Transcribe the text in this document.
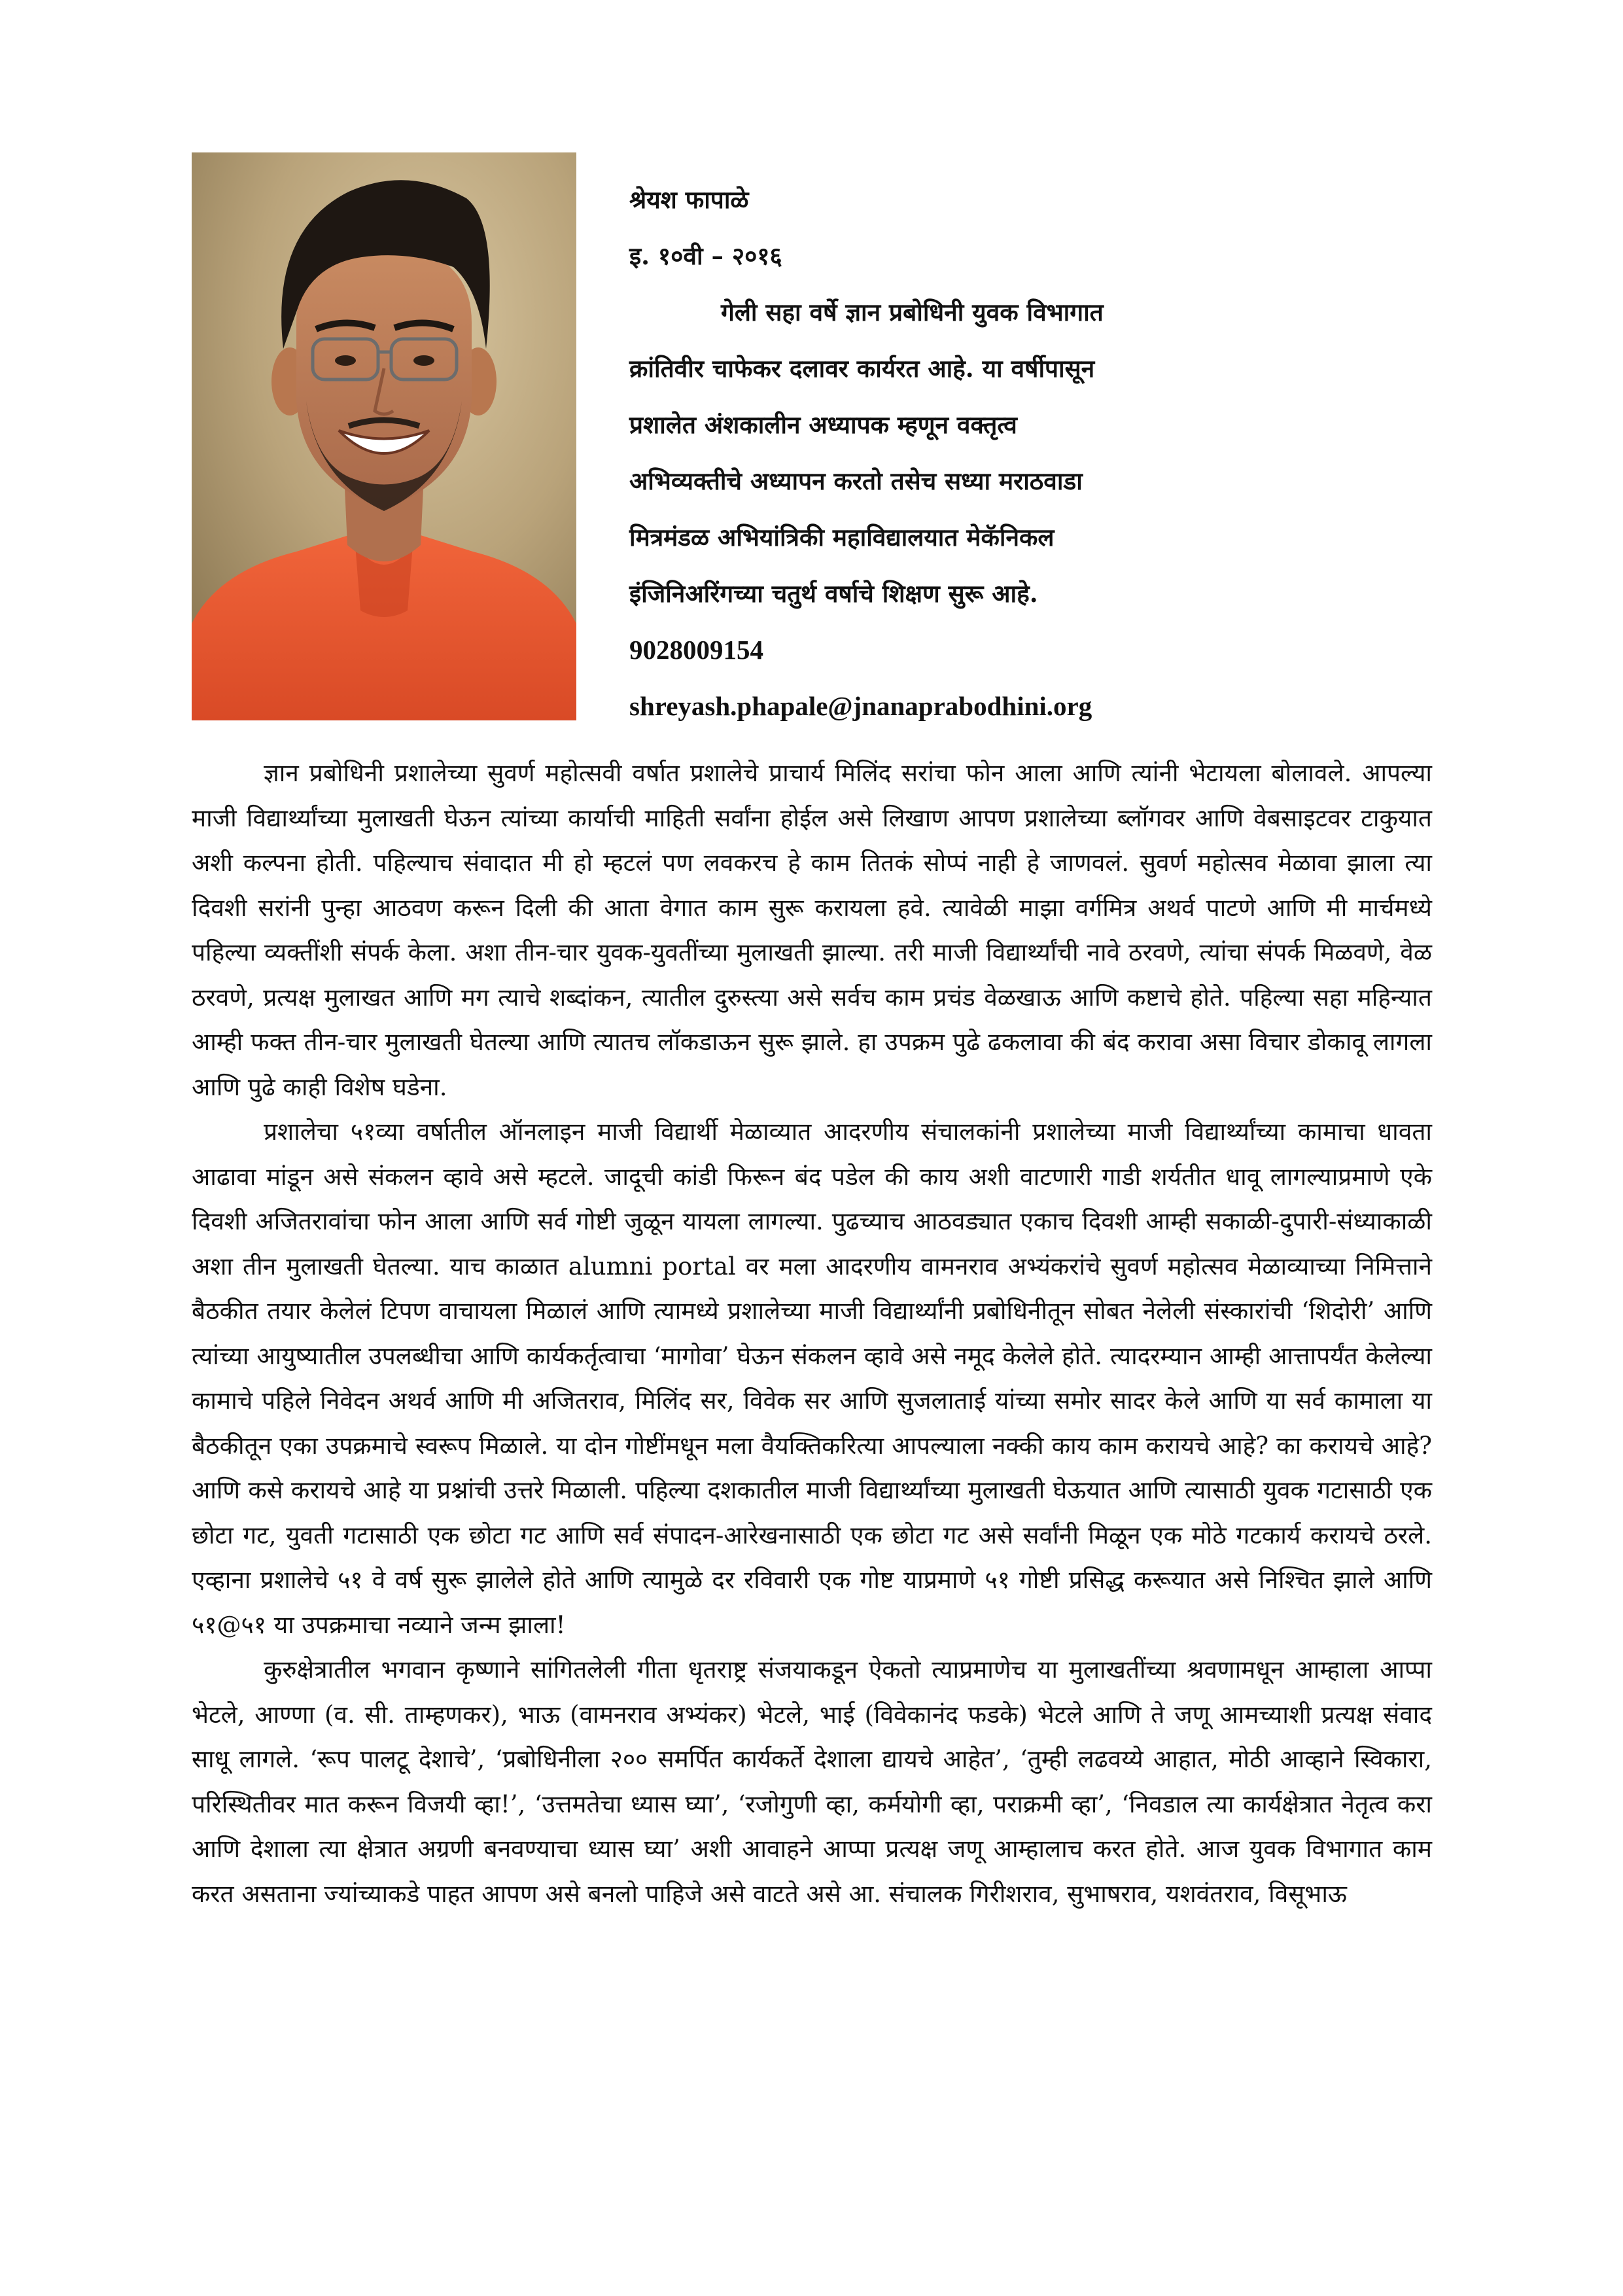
श्रेयश फापाळे
इ. १०वी – २०१६
गेली सहा वर्षे ज्ञान प्रबोधिनी युवक विभागात
क्रांतिवीर चाफेकर दलावर कार्यरत आहे. या वर्षीपासून
प्रशालेत अंशकालीन अध्यापक म्हणून वक्तृत्व
अभिव्यक्तीचे अध्यापन करतो तसेच सध्या मराठवाडा
मित्रमंडळ अभियांत्रिकी महाविद्यालयात मेकॅनिकल
इंजिनिअरिंगच्या चतुर्थ वर्षाचे शिक्षण सुरू आहे.
9028009154
shreyash.phapale@jnanaprabodhini.org

ज्ञान प्रबोधिनी प्रशालेच्या सुवर्ण महोत्सवी वर्षात प्रशालेचे प्राचार्य मिलिंद सरांचा फोन आला आणि त्यांनी भेटायला बोलावले. आपल्या माजी विद्यार्थ्यांच्या मुलाखती घेऊन त्यांच्या कार्याची माहिती सर्वांना होईल असे लिखाण आपण प्रशालेच्या ब्लॉगवर आणि वेबसाइटवर टाकुयात अशी कल्पना होती. पहिल्याच संवादात मी हो म्हटलं पण लवकरच हे काम तितकं सोप्पं नाही हे जाणवलं. सुवर्ण महोत्सव मेळावा झाला त्या दिवशी सरांनी पुन्हा आठवण करून दिली की आता वेगात काम सुरू करायला हवे. त्यावेळी माझा वर्गमित्र अथर्व पाटणे आणि मी मार्चमध्ये पहिल्या व्यक्तींशी संपर्क केला. अशा तीन-चार युवक-युवतींच्या मुलाखती झाल्या. तरी माजी विद्यार्थ्यांची नावे ठरवणे, त्यांचा संपर्क मिळवणे, वेळ ठरवणे, प्रत्यक्ष मुलाखत आणि मग त्याचे शब्दांकन, त्यातील दुरुस्त्या असे सर्वच काम प्रचंड वेळखाऊ आणि कष्टाचे होते. पहिल्या सहा महिन्यात आम्ही फक्त तीन-चार मुलाखती घेतल्या आणि त्यातच लॉकडाऊन सुरू झाले. हा उपक्रम पुढे ढकलावा की बंद करावा असा विचार डोकावू लागला आणि पुढे काही विशेष घडेना.

प्रशालेचा ५१व्या वर्षातील ऑनलाइन माजी विद्यार्थी मेळाव्यात आदरणीय संचालकांनी प्रशालेच्या माजी विद्यार्थ्यांच्या कामाचा धावता आढावा मांडून असे संकलन व्हावे असे म्हटले. जादूची कांडी फिरून बंद पडेल की काय अशी वाटणारी गाडी शर्यतीत धावू लागल्याप्रमाणे एके दिवशी अजितरावांचा फोन आला आणि सर्व गोष्टी जुळून यायला लागल्या. पुढच्याच आठवड्यात एकाच दिवशी आम्ही सकाळी-दुपारी-संध्याकाळी अशा तीन मुलाखती घेतल्या. याच काळात alumni portal वर मला आदरणीय वामनराव अभ्यंकरांचे सुवर्ण महोत्सव मेळाव्याच्या निमित्ताने बैठकीत तयार केलेलं टिपण वाचायला मिळालं आणि त्यामध्ये प्रशालेच्या माजी विद्यार्थ्यांनी प्रबोधिनीतून सोबत नेलेली संस्कारांची ‘शिदोरी’ आणि त्यांच्या आयुष्यातील उपलब्धीचा आणि कार्यकर्तृत्वाचा ‘मागोवा’ घेऊन संकलन व्हावे असे नमूद केलेले होते. त्यादरम्यान आम्ही आत्तापर्यंत केलेल्या कामाचे पहिले निवेदन अथर्व आणि मी अजितराव, मिलिंद सर, विवेक सर आणि सुजलाताई यांच्या समोर सादर केले आणि या सर्व कामाला या बैठकीतून एका उपक्रमाचे स्वरूप मिळाले. या दोन गोष्टींमधून मला वैयक्तिकरित्या आपल्याला नक्की काय काम करायचे आहे? का करायचे आहे? आणि कसे करायचे आहे या प्रश्नांची उत्तरे मिळाली. पहिल्या दशकातील माजी विद्यार्थ्यांच्या मुलाखती घेऊयात आणि त्यासाठी युवक गटासाठी एक छोटा गट, युवती गटासाठी एक छोटा गट आणि सर्व संपादन-आरेखनासाठी एक छोटा गट असे सर्वांनी मिळून एक मोठे गटकार्य करायचे ठरले. एव्हाना प्रशालेचे ५१ वे वर्ष सुरू झालेले होते आणि त्यामुळे दर रविवारी एक गोष्ट याप्रमाणे ५१ गोष्टी प्रसिद्ध करूयात असे निश्चित झाले आणि ५१@५१ या उपक्रमाचा नव्याने जन्म झाला!

कुरुक्षेत्रातील भगवान कृष्णाने सांगितलेली गीता धृतराष्ट्र संजयाकडून ऐकतो त्याप्रमाणेच या मुलाखतींच्या श्रवणामधून आम्हाला आप्पा भेटले, आण्णा (व. सी. ताम्हणकर), भाऊ (वामनराव अभ्यंकर) भेटले, भाई (विवेकानंद फडके) भेटले आणि ते जणू आमच्याशी प्रत्यक्ष संवाद साधू लागले. ‘रूप पालटू देशाचे’, ‘प्रबोधिनीला २०० समर्पित कार्यकर्ते देशाला द्यायचे आहेत’, ‘तुम्ही लढवय्ये आहात, मोठी आव्हाने स्विकारा, परिस्थितीवर मात करून विजयी व्हा!’, ‘उत्तमतेचा ध्यास घ्या’, ‘रजोगुणी व्हा, कर्मयोगी व्हा, पराक्रमी व्हा’, ‘निवडाल त्या कार्यक्षेत्रात नेतृत्व करा आणि देशाला त्या क्षेत्रात अग्रणी बनवण्याचा ध्यास घ्या’ अशी आवाहने आप्पा प्रत्यक्ष जणू आम्हालाच करत होते. आज युवक विभागात काम करत असताना ज्यांच्याकडे पाहत आपण असे बनलो पाहिजे असे वाटते असे आ. संचालक गिरीशराव, सुभाषराव, यशवंतराव, विसूभाऊ
